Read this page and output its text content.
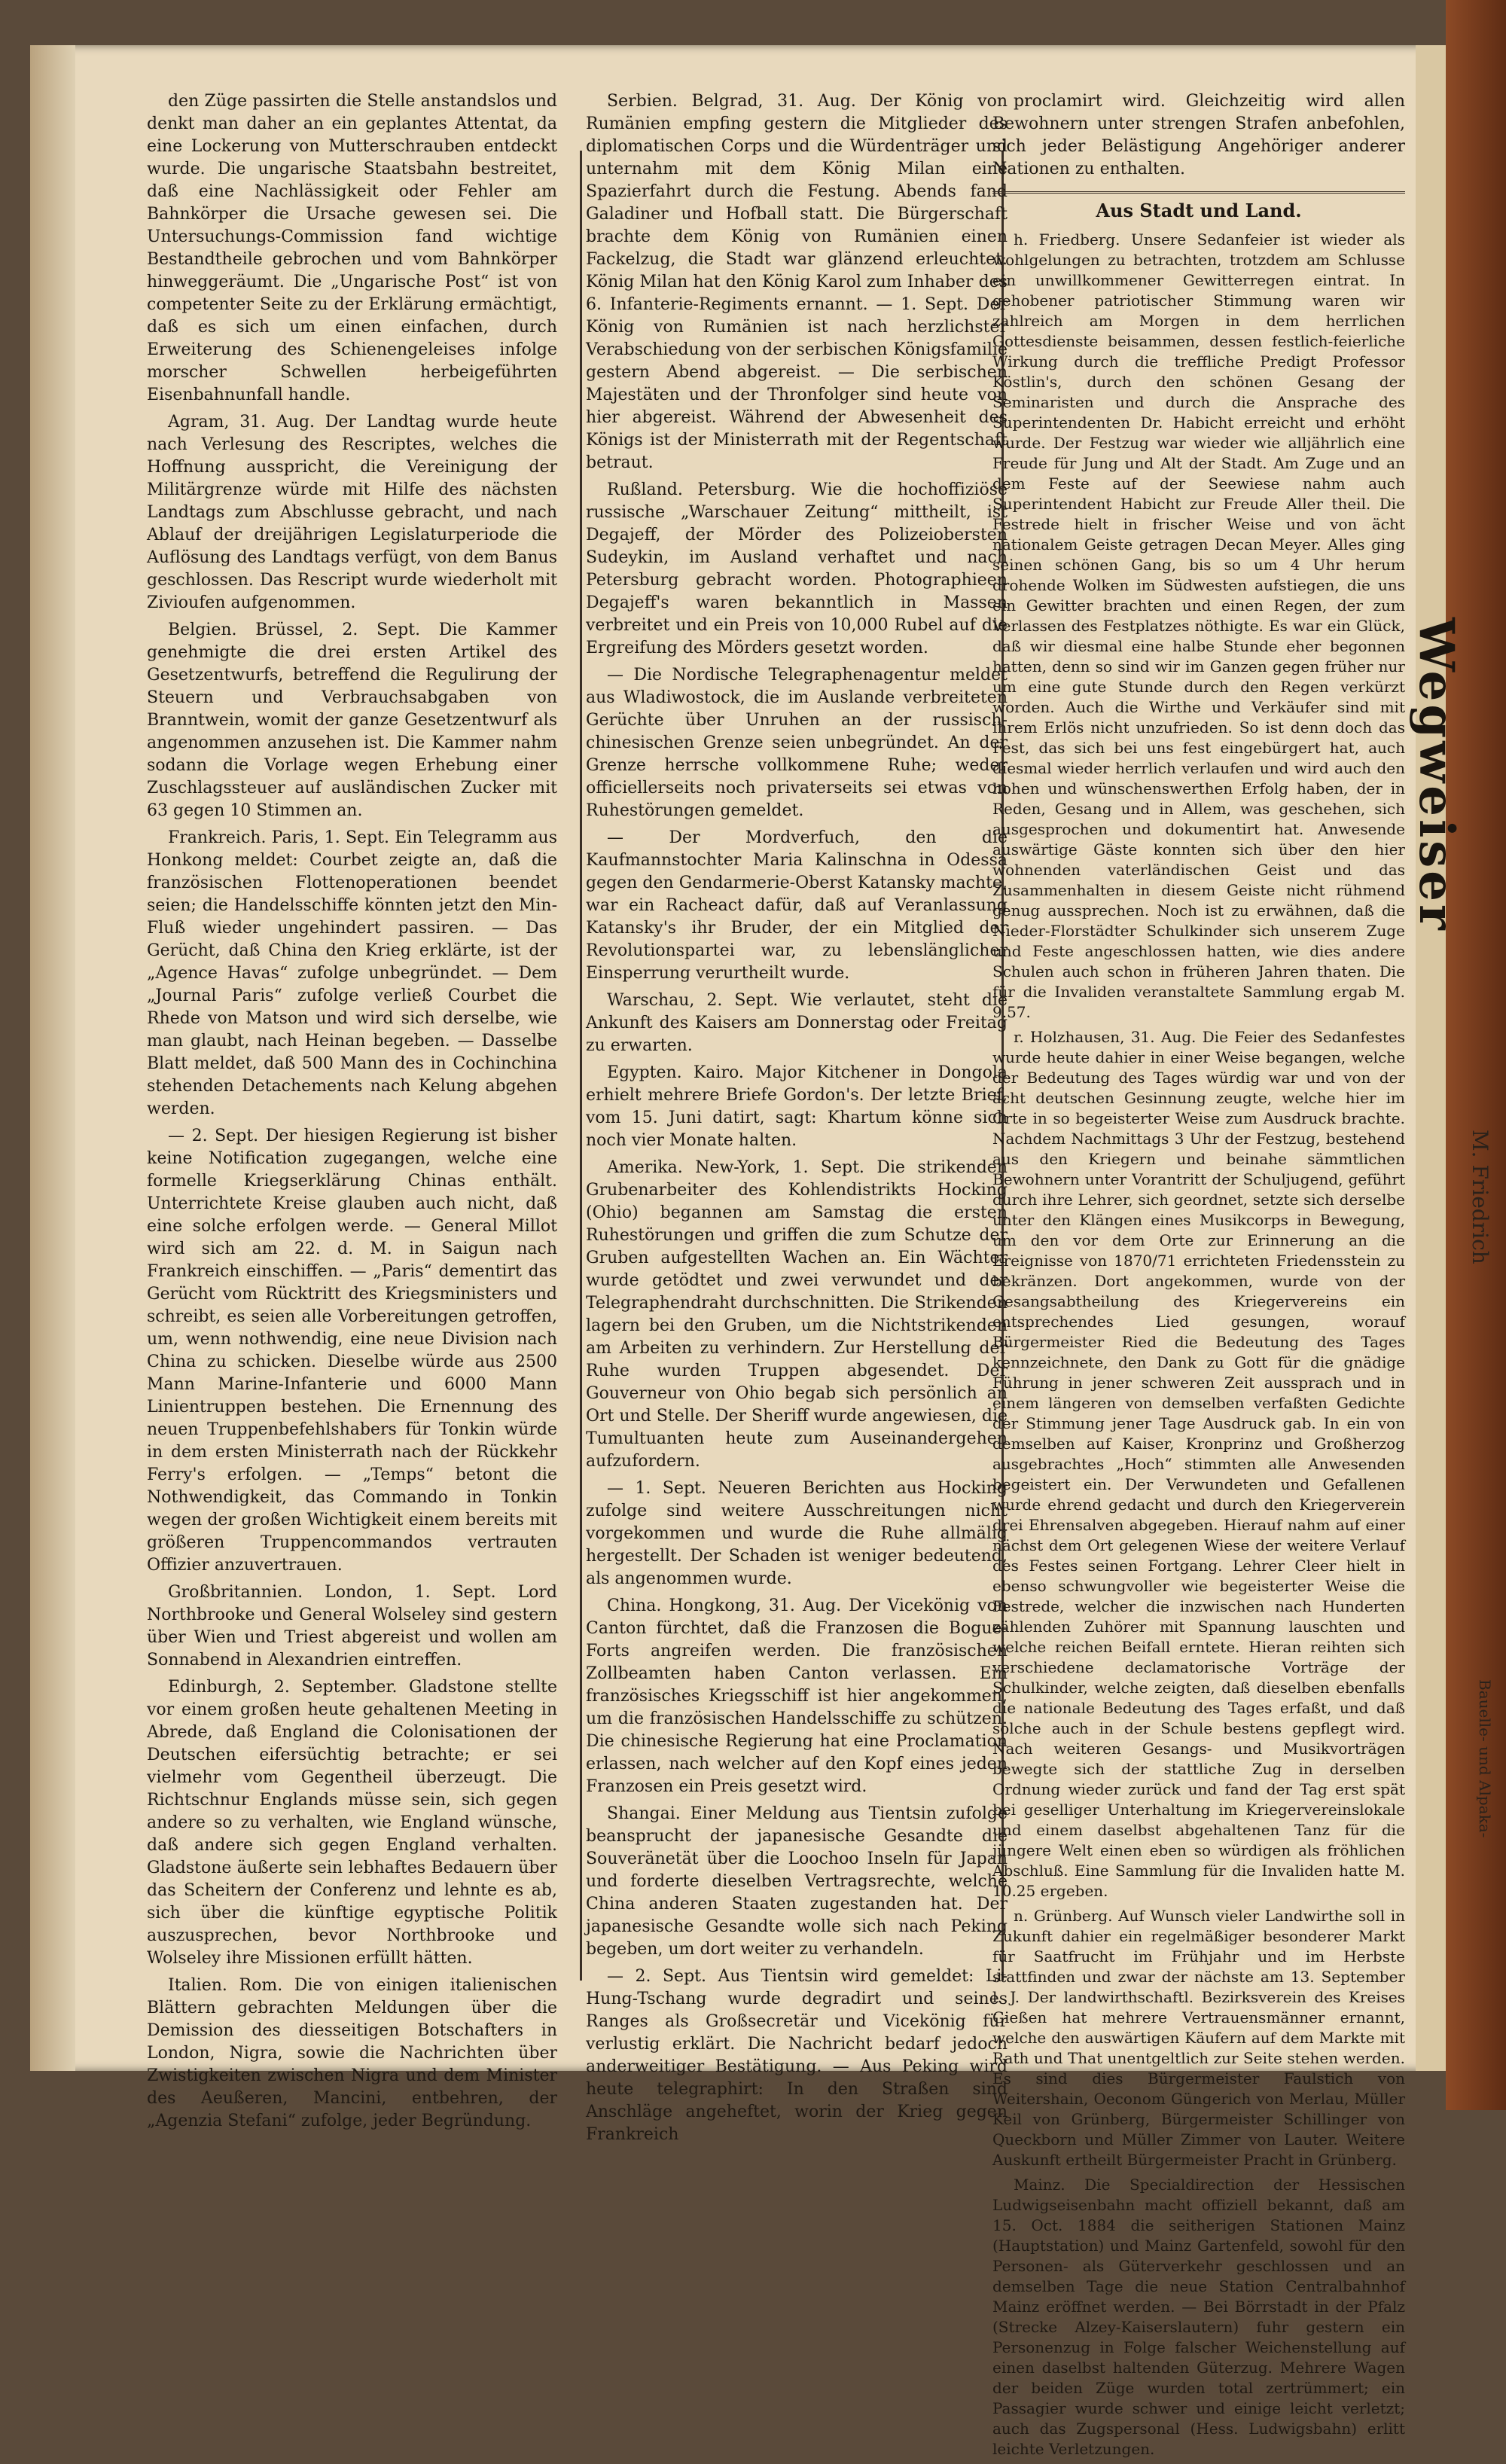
den Züge passirten die Stelle anstandslos und denkt man daher an ein geplantes Attentat, da eine Lockerung von Mutterschrauben entdeckt wurde. Die ungarische Staatsbahn bestreitet, daß eine Nachlässigkeit oder Fehler am Bahnkörper die Ursache gewesen sei. Die Untersuchungs-Commission fand wichtige Bestandtheile gebrochen und vom Bahnkörper hinweggeräumt. Die „Ungarische Post“ ist von competenter Seite zu der Erklärung ermächtigt, daß es sich um einen einfachen, durch Erweiterung des Schienengeleises infolge morscher Schwellen herbeigeführten Eisenbahnunfall handle.

Agram, 31. Aug. Der Landtag wurde heute nach Verlesung des Rescriptes, welches die Hoffnung ausspricht, die Vereinigung der Militärgrenze würde mit Hilfe des nächsten Landtags zum Abschlusse gebracht, und nach Ablauf der dreijährigen Legislaturperiode die Auflösung des Landtags verfügt, von dem Banus geschlossen. Das Rescript wurde wiederholt mit Zivioufen aufgenommen.

Belgien. Brüssel, 2. Sept. Die Kammer genehmigte die drei ersten Artikel des Gesetzentwurfs, betreffend die Regulirung der Steuern und Verbrauchsabgaben von Branntwein, womit der ganze Gesetzentwurf als angenommen anzusehen ist. Die Kammer nahm sodann die Vorlage wegen Erhebung einer Zuschlagssteuer auf ausländischen Zucker mit 63 gegen 10 Stimmen an.

Frankreich. Paris, 1. Sept. Ein Telegramm aus Honkong meldet: Courbet zeigte an, daß die französischen Flottenoperationen beendet seien; die Handelsschiffe könnten jetzt den Min-Fluß wieder ungehindert passiren. — Das Gerücht, daß China den Krieg erklärte, ist der „Agence Havas“ zufolge unbegründet. — Dem „Journal Paris“ zufolge verließ Courbet die Rhede von Matson und wird sich derselbe, wie man glaubt, nach Heinan begeben. — Dasselbe Blatt meldet, daß 500 Mann des in Cochinchina stehenden Detachements nach Kelung abgehen werden.

— 2. Sept. Der hiesigen Regierung ist bisher keine Notification zugegangen, welche eine formelle Kriegserklärung Chinas enthält. Unterrichtete Kreise glauben auch nicht, daß eine solche erfolgen werde. — General Millot wird sich am 22. d. M. in Saigun nach Frankreich einschiffen. — „Paris“ dementirt das Gerücht vom Rücktritt des Kriegsministers und schreibt, es seien alle Vorbereitungen getroffen, um, wenn nothwendig, eine neue Division nach China zu schicken. Dieselbe würde aus 2500 Mann Marine-Infanterie und 6000 Mann Linientruppen bestehen. Die Ernennung des neuen Truppenbefehlshabers für Tonkin würde in dem ersten Ministerrath nach der Rückkehr Ferry's erfolgen. — „Temps“ betont die Nothwendigkeit, das Commando in Tonkin wegen der großen Wichtigkeit einem bereits mit größeren Truppencommandos vertrauten Offizier anzuvertrauen.

Großbritannien. London, 1. Sept. Lord Northbrooke und General Wolseley sind gestern über Wien und Triest abgereist und wollen am Sonnabend in Alexandrien eintreffen.

Edinburgh, 2. September. Gladstone stellte vor einem großen heute gehaltenen Meeting in Abrede, daß England die Colonisationen der Deutschen eifersüchtig betrachte; er sei vielmehr vom Gegentheil überzeugt. Die Richtschnur Englands müsse sein, sich gegen andere so zu verhalten, wie England wünsche, daß andere sich gegen England verhalten. Gladstone äußerte sein lebhaftes Bedauern über das Scheitern der Conferenz und lehnte es ab, sich über die künftige egyptische Politik auszusprechen, bevor Northbrooke und Wolseley ihre Missionen erfüllt hätten.

Italien. Rom. Die von einigen italienischen Blättern gebrachten Meldungen über die Demission des diesseitigen Botschafters in London, Nigra, sowie die Nachrichten über Zwistigkeiten zwischen Nigra und dem Minister des Aeußeren, Mancini, entbehren, der „Agenzia Stefani“ zufolge, jeder Begründung.

Serbien. Belgrad, 31. Aug. Der König von Rumänien empfing gestern die Mitglieder des diplomatischen Corps und die Würdenträger und unternahm mit dem König Milan eine Spazierfahrt durch die Festung. Abends fand Galadiner und Hofball statt. Die Bürgerschaft brachte dem König von Rumänien einen Fackelzug, die Stadt war glänzend erleuchtet. König Milan hat den König Karol zum Inhaber des 6. Infanterie-Regiments ernannt. — 1. Sept. Der König von Rumänien ist nach herzlichster Verabschiedung von der serbischen Königsfamilie gestern Abend abgereist. — Die serbischen Majestäten und der Thronfolger sind heute von hier abgereist. Während der Abwesenheit des Königs ist der Ministerrath mit der Regentschaft betraut.

Rußland. Petersburg. Wie die hochoffiziöse russische „Warschauer Zeitung“ mittheilt, ist Degajeff, der Mörder des Polizeiobersten Sudeykin, im Ausland verhaftet und nach Petersburg gebracht worden. Photographieen Degajeff's waren bekanntlich in Massen verbreitet und ein Preis von 10,000 Rubel auf die Ergreifung des Mörders gesetzt worden.

— Die Nordische Telegraphenagentur meldet aus Wladiwostock, die im Auslande verbreiteten Gerüchte über Unruhen an der russisch-chinesischen Grenze seien unbegründet. An der Grenze herrsche vollkommene Ruhe; weder officiellerseits noch privaterseits sei etwas von Ruhestörungen gemeldet.

— Der Mordverfuch, den die Kaufmannstochter Maria Kalinschna in Odessa gegen den Gendarmerie-Oberst Katansky machte, war ein Racheact dafür, daß auf Veranlassung Katansky's ihr Bruder, der ein Mitglied der Revolutionspartei war, zu lebenslänglicher Einsperrung verurtheilt wurde.

Warschau, 2. Sept. Wie verlautet, steht die Ankunft des Kaisers am Donnerstag oder Freitag zu erwarten.

Egypten. Kairo. Major Kitchener in Dongola erhielt mehrere Briefe Gordon's. Der letzte Brief, vom 15. Juni datirt, sagt: Khartum könne sich noch vier Monate halten.

Amerika. New-York, 1. Sept. Die strikenden Grubenarbeiter des Kohlendistrikts Hocking (Ohio) begannen am Samstag die ersten Ruhestörungen und griffen die zum Schutze der Gruben aufgestellten Wachen an. Ein Wächter wurde getödtet und zwei verwundet und der Telegraphendraht durchschnitten. Die Strikenden lagern bei den Gruben, um die Nichtstrikenden am Arbeiten zu verhindern. Zur Herstellung der Ruhe wurden Truppen abgesendet. Der Gouverneur von Ohio begab sich persönlich an Ort und Stelle. Der Sheriff wurde angewiesen, die Tumultuanten heute zum Auseinandergehen aufzufordern.

— 1. Sept. Neueren Berichten aus Hocking zufolge sind weitere Ausschreitungen nicht vorgekommen und wurde die Ruhe allmälig hergestellt. Der Schaden ist weniger bedeutend, als angenommen wurde.

China. Hongkong, 31. Aug. Der Vicekönig von Canton fürchtet, daß die Franzosen die Bogue-Forts angreifen werden. Die französischen Zollbeamten haben Canton verlassen. Ein französisches Kriegsschiff ist hier angekommen, um die französischen Handelsschiffe zu schützen. Die chinesische Regierung hat eine Proclamation erlassen, nach welcher auf den Kopf eines jeden Franzosen ein Preis gesetzt wird.

Shangai. Einer Meldung aus Tientsin zufolge beansprucht der japanesische Gesandte die Souveränetät über die Loochoo Inseln für Japan und forderte dieselben Vertragsrechte, welche China anderen Staaten zugestanden hat. Der japanesische Gesandte wolle sich nach Peking begeben, um dort weiter zu verhandeln.

— 2. Sept. Aus Tientsin wird gemeldet: Li-Hung-Tschang wurde degradirt und seines Ranges als Großsecretär und Vicekönig für verlustig erklärt. Die Nachricht bedarf jedoch anderweitiger Bestätigung. — Aus Peking wird heute telegraphirt: In den Straßen sind Anschläge angeheftet, worin der Krieg gegen Frankreich

proclamirt wird. Gleichzeitig wird allen Bewohnern unter strengen Strafen anbefohlen, sich jeder Belästigung Angehöriger anderer Nationen zu enthalten.

Aus Stadt und Land.

h. Friedberg. Unsere Sedanfeier ist wieder als wohlgelungen zu betrachten, trotzdem am Schlusse ein unwillkommener Gewitterregen eintrat. In gehobener patriotischer Stimmung waren wir zahlreich am Morgen in dem herrlichen Gottesdienste beisammen, dessen festlich-feierliche Wirkung durch die treffliche Predigt Professor Köstlin's, durch den schönen Gesang der Seminaristen und durch die Ansprache des Superintendenten Dr. Habicht erreicht und erhöht wurde. Der Festzug war wieder wie alljährlich eine Freude für Jung und Alt der Stadt. Am Zuge und an dem Feste auf der Seewiese nahm auch Superintendent Habicht zur Freude Aller theil. Die Festrede hielt in frischer Weise und von ächt nationalem Geiste getragen Decan Meyer. Alles ging seinen schönen Gang, bis so um 4 Uhr herum drohende Wolken im Südwesten aufstiegen, die uns ein Gewitter brachten und einen Regen, der zum Verlassen des Festplatzes nöthigte. Es war ein Glück, daß wir diesmal eine halbe Stunde eher begonnen hatten, denn so sind wir im Ganzen gegen früher nur um eine gute Stunde durch den Regen verkürzt worden. Auch die Wirthe und Verkäufer sind mit ihrem Erlös nicht unzufrieden. So ist denn doch das Fest, das sich bei uns fest eingebürgert hat, auch diesmal wieder herrlich verlaufen und wird auch den hohen und wünschenswerthen Erfolg haben, der in Reden, Gesang und in Allem, was geschehen, sich ausgesprochen und dokumentirt hat. Anwesende auswärtige Gäste konnten sich über den hier wohnenden vaterländischen Geist und das Zusammenhalten in diesem Geiste nicht rühmend genug aussprechen. Noch ist zu erwähnen, daß die Nieder-Florstädter Schulkinder sich unserem Zuge und Feste angeschlossen hatten, wie dies andere Schulen auch schon in früheren Jahren thaten. Die für die Invaliden veranstaltete Sammlung ergab M. 9.57.

r. Holzhausen, 31. Aug. Die Feier des Sedanfestes wurde heute dahier in einer Weise begangen, welche der Bedeutung des Tages würdig war und von der ächt deutschen Gesinnung zeugte, welche hier im Orte in so begeisterter Weise zum Ausdruck brachte. Nachdem Nachmittags 3 Uhr der Festzug, bestehend aus den Kriegern und beinahe sämmtlichen Bewohnern unter Vorantritt der Schuljugend, geführt durch ihre Lehrer, sich geordnet, setzte sich derselbe unter den Klängen eines Musikcorps in Bewegung, um den vor dem Orte zur Erinnerung an die Ereignisse von 1870/71 errichteten Friedensstein zu bekränzen. Dort angekommen, wurde von der Gesangsabtheilung des Kriegervereins ein entsprechendes Lied gesungen, worauf Bürgermeister Ried die Bedeutung des Tages kennzeichnete, den Dank zu Gott für die gnädige Führung in jener schweren Zeit aussprach und in einem längeren von demselben verfaßten Gedichte der Stimmung jener Tage Ausdruck gab. In ein von demselben auf Kaiser, Kronprinz und Großherzog ausgebrachtes „Hoch“ stimmten alle Anwesenden begeistert ein. Der Verwundeten und Gefallenen wurde ehrend gedacht und durch den Kriegerverein drei Ehrensalven abgegeben. Hierauf nahm auf einer nächst dem Ort gelegenen Wiese der weitere Verlauf des Festes seinen Fortgang. Lehrer Cleer hielt in ebenso schwungvoller wie begeisterter Weise die Festrede, welcher die inzwischen nach Hunderten zählenden Zuhörer mit Spannung lauschten und welche reichen Beifall erntete. Hieran reihten sich verschiedene declamatorische Vorträge der Schulkinder, welche zeigten, daß dieselben ebenfalls die nationale Bedeutung des Tages erfaßt, und daß solche auch in der Schule bestens gepflegt wird. Nach weiteren Gesangs- und Musikvorträgen bewegte sich der stattliche Zug in derselben Ordnung wieder zurück und fand der Tag erst spät bei geselliger Unterhaltung im Kriegervereinslokale und einem daselbst abgehaltenen Tanz für die jüngere Welt einen eben so würdigen als fröhlichen Abschluß. Eine Sammlung für die Invaliden hatte M. 10.25 ergeben.

n. Grünberg. Auf Wunsch vieler Landwirthe soll in Zukunft dahier ein regelmäßiger besonderer Markt für Saatfrucht im Frühjahr und im Herbste stattfinden und zwar der nächste am 13. September l. J. Der landwirthschaftl. Bezirksverein des Kreises Gießen hat mehrere Vertrauensmänner ernannt, welche den auswärtigen Käufern auf dem Markte mit Rath und That unentgeltlich zur Seite stehen werden. Es sind dies Bürgermeister Faulstich von Weitershain, Oeconom Güngerich von Merlau, Müller Keil von Grünberg, Bürgermeister Schillinger von Queckborn und Müller Zimmer von Lauter. Weitere Auskunft ertheilt Bürgermeister Pracht in Grünberg.

Mainz. Die Specialdirection der Hessischen Ludwigseisenbahn macht offiziell bekannt, daß am 15. Oct. 1884 die seitherigen Stationen Mainz (Hauptstation) und Mainz Gartenfeld, sowohl für den Personen- als Güterverkehr geschlossen und an demselben Tage die neue Station Centralbahnhof Mainz eröffnet werden. — Bei Börrstadt in der Pfalz (Strecke Alzey-Kaiserslautern) fuhr gestern ein Personenzug in Folge falscher Weichenstellung auf einen daselbst haltenden Güterzug. Mehrere Wagen der beiden Züge wurden total zertrümmert; ein Passagier wurde schwer und einige leicht verletzt; auch das Zugspersonal (Hess. Ludwigsbahn) erlitt leichte Verletzungen.

Wegweiser
M. Friedrich
Bauelle- und Alpaka-
